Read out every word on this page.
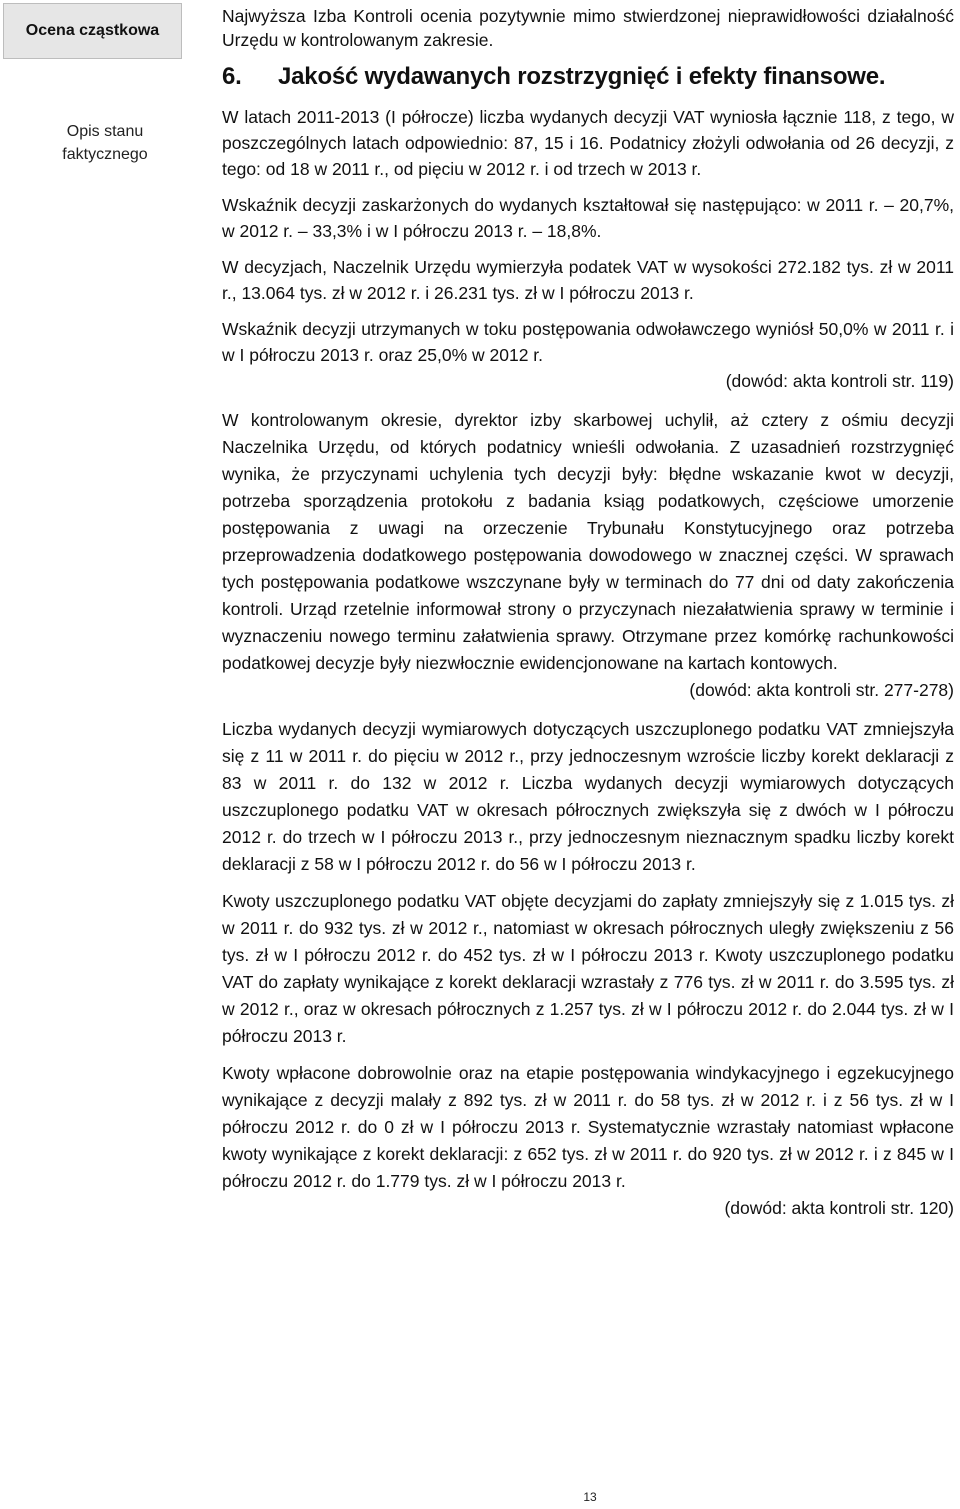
Ocena cząstkowa
Opis stanu
faktycznego

Najwyższa Izba Kontroli ocenia pozytywnie mimo stwierdzonej nieprawidłowości działalność Urzędu w kontrolowanym zakresie.

6. Jakość wydawanych rozstrzygnięć i efekty finansowe.

W latach 2011-2013 (I półrocze) liczba wydanych decyzji VAT wyniosła łącznie 118, z tego, w poszczególnych latach odpowiednio: 87, 15 i 16. Podatnicy złożyli odwołania od 26 decyzji, z tego: od 18 w 2011 r., od pięciu w 2012 r. i od trzech w 2013 r.

Wskaźnik decyzji zaskarżonych do wydanych kształtował się następująco: w 2011 r. – 20,7%, w 2012 r. – 33,3% i w I półroczu 2013 r. – 18,8%.

W decyzjach, Naczelnik Urzędu wymierzyła podatek VAT w wysokości 272.182 tys. zł w 2011 r., 13.064 tys. zł w 2012 r. i 26.231 tys. zł w I półroczu 2013 r.

Wskaźnik decyzji utrzymanych w toku postępowania odwoławczego wyniósł 50,0% w 2011 r. i w I półroczu 2013 r. oraz 25,0% w 2012 r.

(dowód: akta kontroli str. 119)

W kontrolowanym okresie, dyrektor izby skarbowej uchylił, aż cztery z ośmiu decyzji Naczelnika Urzędu, od których podatnicy wnieśli odwołania. Z uzasadnień rozstrzygnięć wynika, że przyczynami uchylenia tych decyzji były: błędne wskazanie kwot w decyzji, potrzeba sporządzenia protokołu z badania ksiąg podatkowych, częściowe umorzenie postępowania z uwagi na orzeczenie Trybunału Konstytucyjnego oraz potrzeba przeprowadzenia dodatkowego postępowania dowodowego w znacznej części. W sprawach tych postępowania podatkowe wszczynane były w terminach do 77 dni od daty zakończenia kontroli. Urząd rzetelnie informował strony o przyczynach niezałatwienia sprawy w terminie i wyznaczeniu nowego terminu załatwienia sprawy. Otrzymane przez komórkę rachunkowości podatkowej decyzje były niezwłocznie ewidencjonowane na kartach kontowych.

(dowód: akta kontroli str. 277-278)

Liczba wydanych decyzji wymiarowych dotyczących uszczuplonego podatku VAT zmniejszyła się z 11 w 2011 r. do pięciu w 2012 r., przy jednoczesnym wzroście liczby korekt deklaracji z 83 w 2011 r. do 132 w 2012 r. Liczba wydanych decyzji wymiarowych dotyczących uszczuplonego podatku VAT w okresach półrocznych zwiększyła się z dwóch w I półroczu 2012 r. do trzech w I półroczu 2013 r., przy jednoczesnym nieznacznym spadku liczby korekt deklaracji z 58 w I półroczu 2012 r. do 56 w I półroczu 2013 r.

Kwoty uszczuplonego podatku VAT objęte decyzjami do zapłaty zmniejszyły się z 1.015 tys. zł w 2011 r. do 932 tys. zł w 2012 r., natomiast w okresach półrocznych uległy zwiększeniu z 56 tys. zł w I półroczu 2012 r. do 452 tys. zł w I półroczu 2013 r. Kwoty uszczuplonego podatku VAT do zapłaty wynikające z korekt deklaracji wzrastały z 776 tys. zł w 2011 r. do 3.595 tys. zł w 2012 r., oraz w okresach półrocznych z 1.257 tys. zł w I półroczu 2012 r. do 2.044 tys. zł w I półroczu 2013 r.

Kwoty wpłacone dobrowolnie oraz na etapie postępowania windykacyjnego i egzekucyjnego wynikające z decyzji malały z 892 tys. zł w 2011 r. do 58 tys. zł w 2012 r. i z 56 tys. zł w I półroczu 2012 r. do 0 zł w I półroczu 2013 r. Systematycznie wzrastały natomiast wpłacone kwoty wynikające z korekt deklaracji: z 652 tys. zł w 2011 r. do 920 tys. zł w 2012 r. i z 845 w I półroczu 2012 r. do 1.779 tys. zł w I półroczu 2013 r.

(dowód: akta kontroli str. 120)

13
